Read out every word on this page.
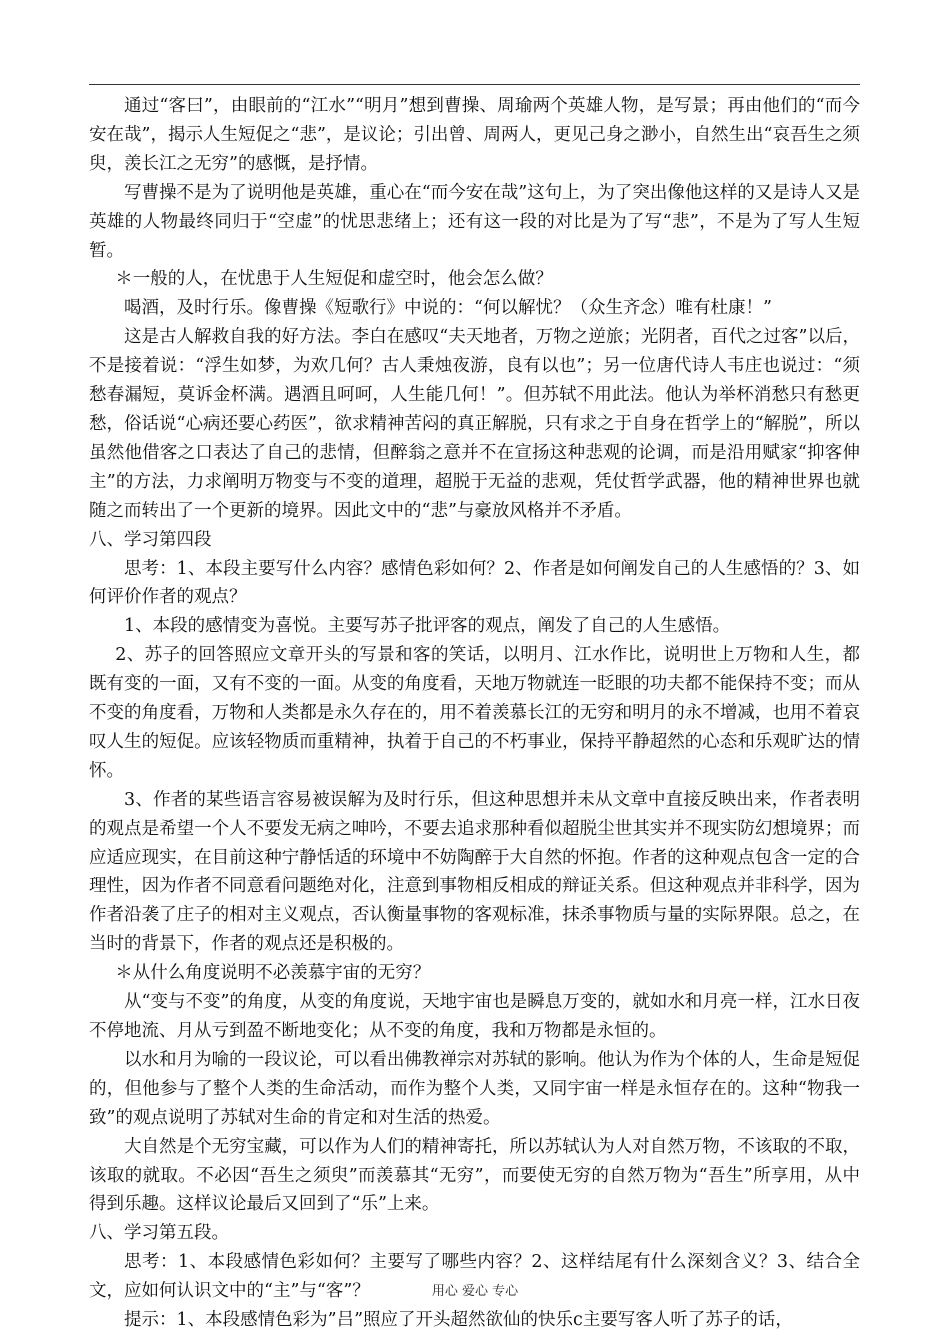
通过“客曰”，由眼前的“江水”“明月”想到曹操、周瑜两个英雄人物，是写景；再由他们的“而今安在哉”，揭示人生短促之“悲”，是议论；引出曾、周两人，更见己身之渺小，自然生出“哀吾生之须臾，羡长江之无穷”的感慨，是抒情。

写曹操不是为了说明他是英雄，重心在“而今安在哉”这句上，为了突出像他这样的又是诗人又是英雄的人物最终同归于“空虚”的忧思悲绪上；还有这一段的对比是为了写“悲”，不是为了写人生短暂。

＊一般的人，在忧患于人生短促和虚空时，他会怎么做？

喝酒，及时行乐。像曹操《短歌行》中说的：“何以解忧？（众生齐念）唯有杜康！”

这是古人解救自我的好方法。李白在感叹“夫天地者，万物之逆旅；光阴者，百代之过客”以后，不是接着说：“浮生如梦，为欢几何？古人秉烛夜游，良有以也”；另一位唐代诗人韦庄也说过：“须愁春漏短，莫诉金杯满。遇酒且呵呵，人生能几何！”。但苏轼不用此法。他认为举杯消愁只有愁更愁，俗话说“心病还要心药医”，欲求精神苦闷的真正解脱，只有求之于自身在哲学上的“解脱”，所以虽然他借客之口表达了自己的悲情，但醉翁之意并不在宣扬这种悲观的论调，而是沿用赋家“抑客伸主”的方法，力求阐明万物变与不变的道理，超脱于无益的悲观，凭仗哲学武器，他的精神世界也就随之而转出了一个更新的境界。因此文中的“悲”与豪放风格并不矛盾。

八、学习第四段

思考：1、本段主要写什么内容？感情色彩如何？2、作者是如何阐发自己的人生感悟的？3、如何评价作者的观点？

1、本段的感情变为喜悦。主要写苏子批评客的观点，阐发了自己的人生感悟。

2、苏子的回答照应文章开头的写景和客的笑话，以明月、江水作比，说明世上万物和人生，都既有变的一面，又有不变的一面。从变的角度看，天地万物就连一眨眼的功夫都不能保持不变；而从不变的角度看，万物和人类都是永久存在的，用不着羡慕长江的无穷和明月的永不增减，也用不着哀叹人生的短促。应该轻物质而重精神，执着于自己的不朽事业，保持平静超然的心态和乐观旷达的情怀。

3、作者的某些语言容易被误解为及时行乐，但这种思想并未从文章中直接反映出来，作者表明的观点是希望一个人不要发无病之呻吟，不要去追求那种看似超脱尘世其实并不现实防幻想境界；而应适应现实，在目前这种宁静恬适的环境中不妨陶醉于大自然的怀抱。作者的这种观点包含一定的合理性，因为作者不同意看问题绝对化，注意到事物相反相成的辩证关系。但这种观点并非科学，因为作者沿袭了庄子的相对主义观点，否认衡量事物的客观标准，抹杀事物质与量的实际界限。总之，在当时的背景下，作者的观点还是积极的。

＊从什么角度说明不必羡慕宇宙的无穷？

从“变与不变”的角度，从变的角度说，天地宇宙也是瞬息万变的，就如水和月亮一样，江水日夜不停地流、月从亏到盈不断地变化；从不变的角度，我和万物都是永恒的。

以水和月为喻的一段议论，可以看出佛教禅宗对苏轼的影响。他认为作为个体的人，生命是短促的，但他参与了整个人类的生命活动，而作为整个人类，又同宇宙一样是永恒存在的。这种“物我一致”的观点说明了苏轼对生命的肯定和对生活的热爱。

大自然是个无穷宝藏，可以作为人们的精神寄托，所以苏轼认为人对自然万物，不该取的不取，该取的就取。不必因“吾生之须臾”而羡慕其“无穷”，而要使无穷的自然万物为“吾生”所享用，从中得到乐趣。这样议论最后又回到了“乐”上来。

八、学习第五段。

思考：1、本段感情色彩如何？主要写了哪些内容？2、这样结尾有什么深刻含义？3、结合全文，应如何认识文中的“主”与“客”？

提示：1、本段感情色彩为”吕”照应了开头超然欲仙的快乐c主要写客人听了苏子的话，

用心 爱心 专心
